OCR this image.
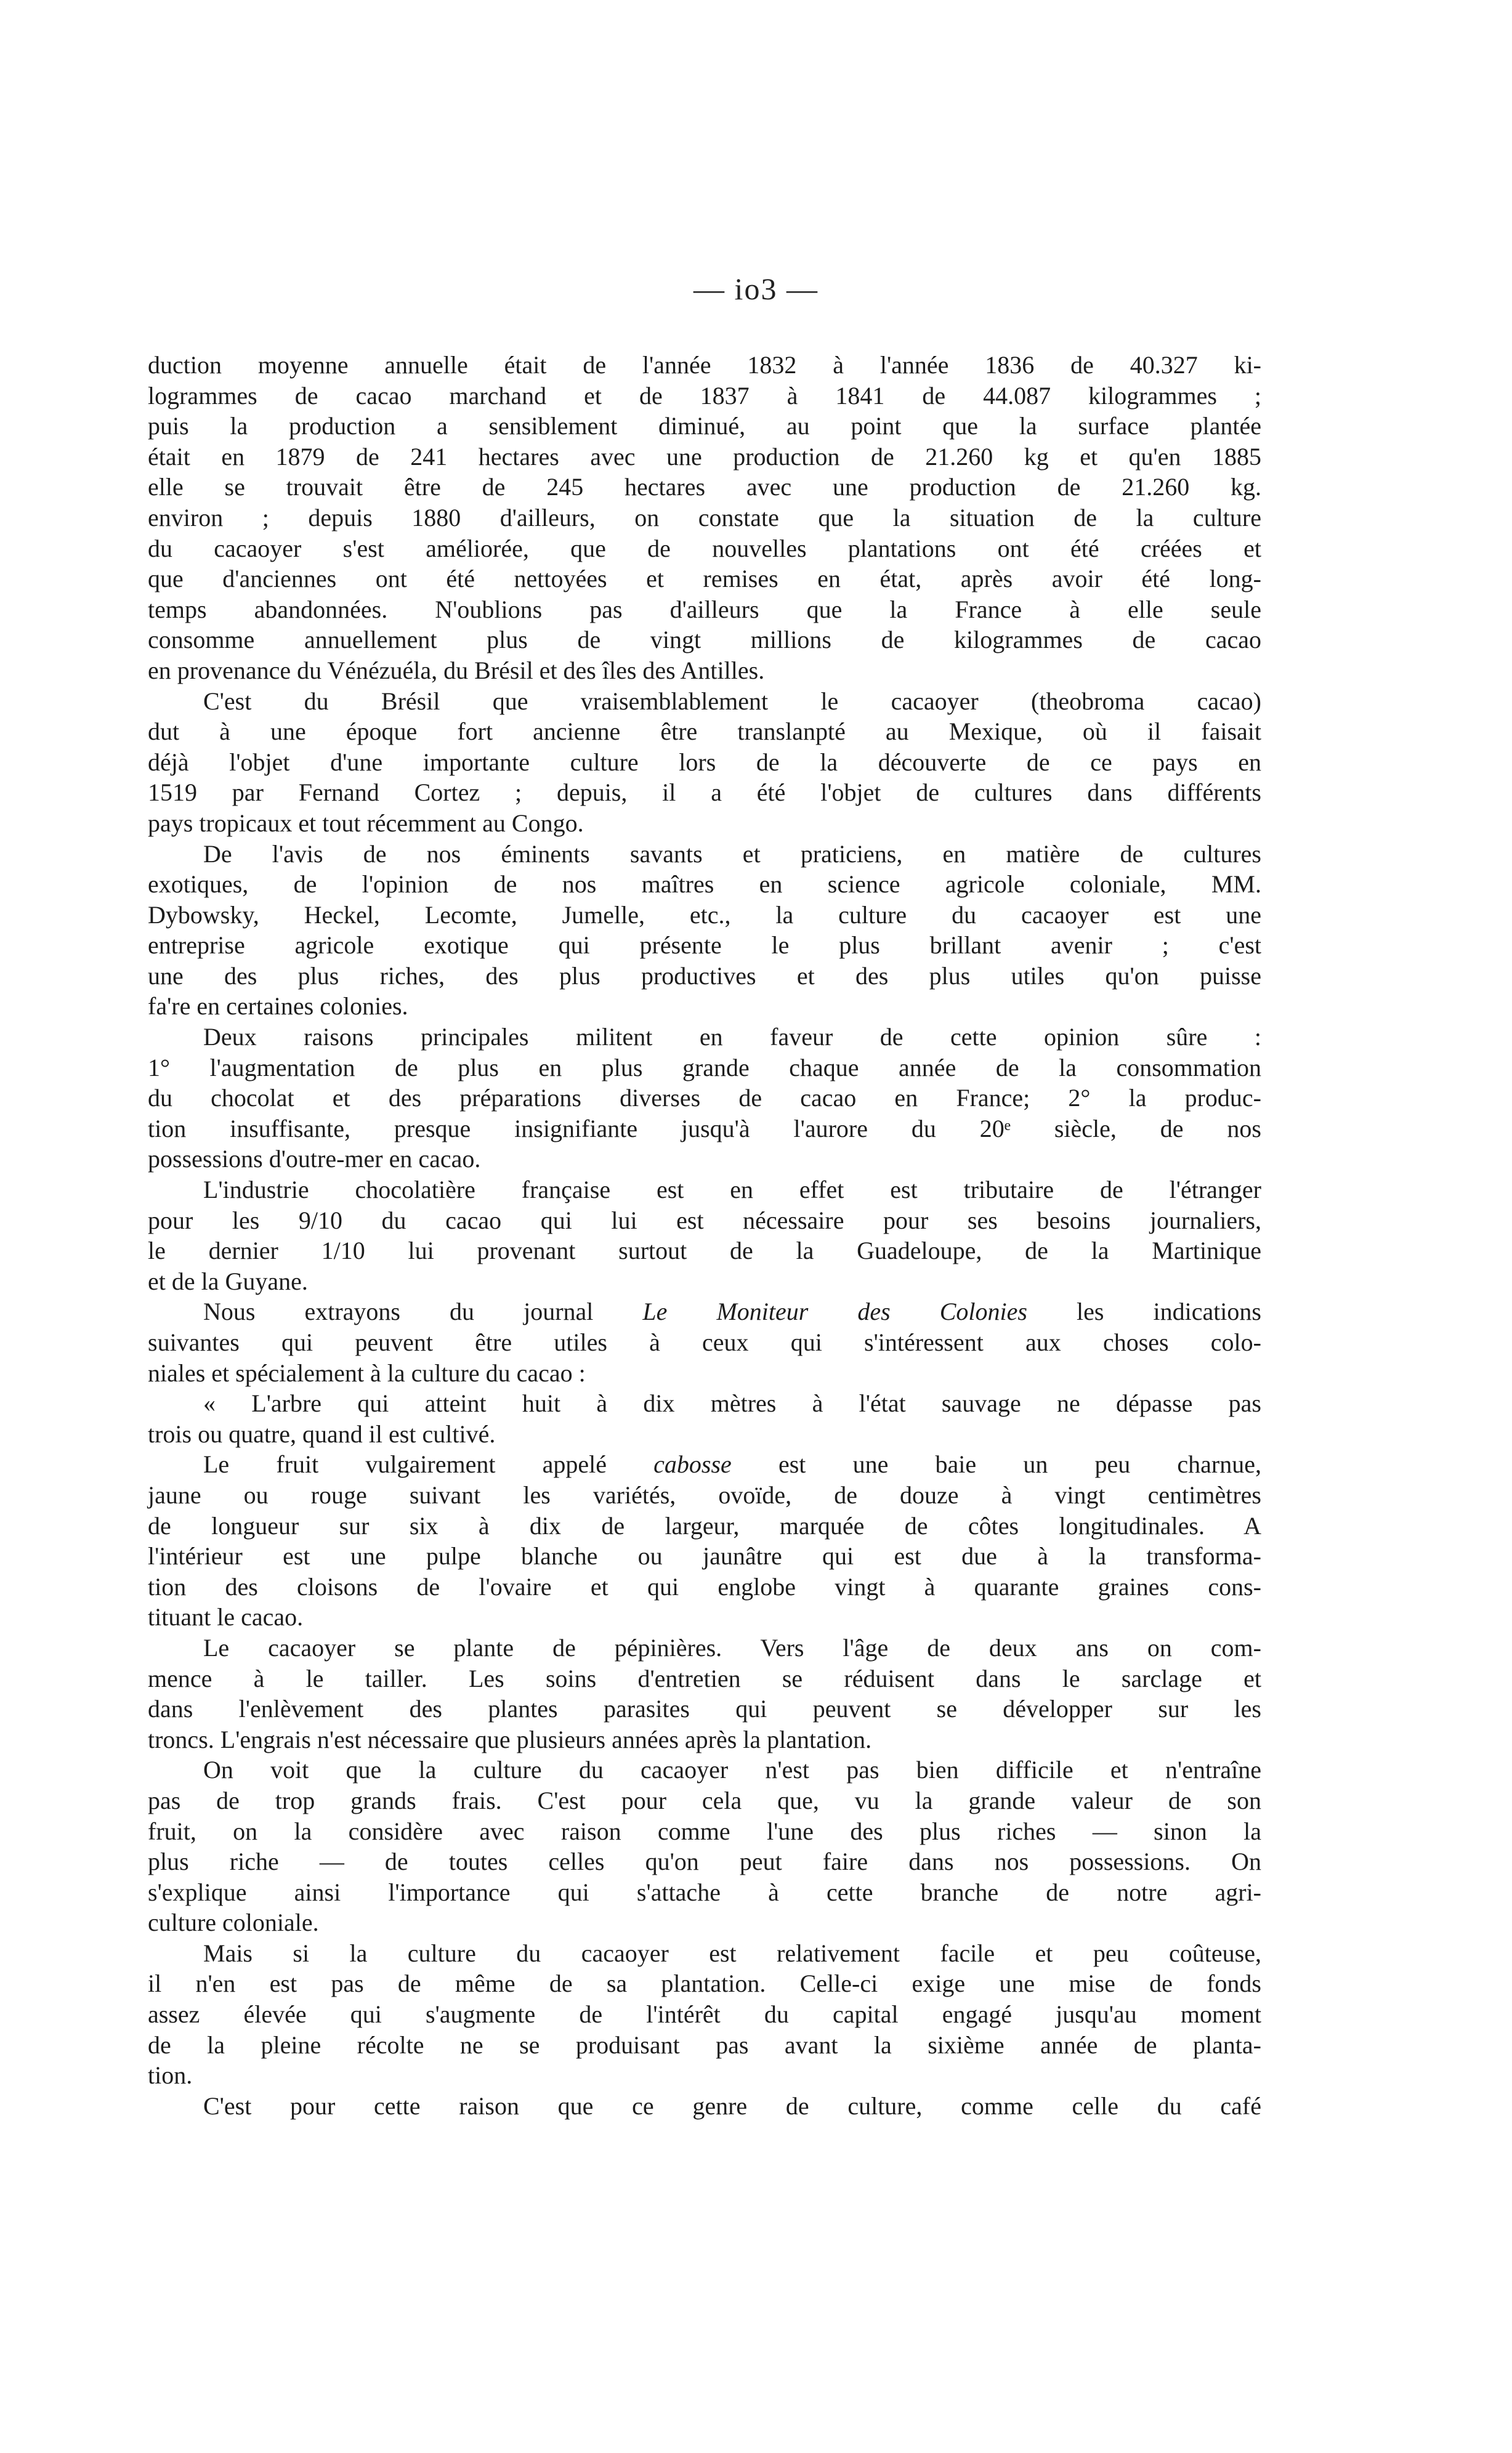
— io3 —
duction moyenne annuelle était de l'année 1832 à l'année 1836 de 40.327 ki-
logrammes de cacao marchand et de 1837 à 1841 de 44.087 kilogrammes ;
puis la production a sensiblement diminué, au point que la surface plantée
était en 1879 de 241 hectares avec une production de 21.260 kg et qu'en 1885
elle se trouvait être de 245 hectares avec une production de 21.260 kg.
environ ; depuis 1880 d'ailleurs, on constate que la situation de la culture
du cacaoyer s'est améliorée, que de nouvelles plantations ont été créées et
que d'anciennes ont été nettoyées et remises en état, après avoir été long-
temps abandonnées. N'oublions pas d'ailleurs que la France à elle seule
consomme annuellement plus de vingt millions de kilogrammes de cacao
en provenance du Vénézuéla, du Brésil et des îles des Antilles.
C'est du Brésil que vraisemblablement le cacaoyer (theobroma cacao)
dut à une époque fort ancienne être translanpté au Mexique, où il faisait
déjà l'objet d'une importante culture lors de la découverte de ce pays en
1519 par Fernand Cortez ; depuis, il a été l'objet de cultures dans différents
pays tropicaux et tout récemment au Congo.
De l'avis de nos éminents savants et praticiens, en matière de cultures
exotiques, de l'opinion de nos maîtres en science agricole coloniale, MM.
Dybowsky, Heckel, Lecomte, Jumelle, etc., la culture du cacaoyer est une
entreprise agricole exotique qui présente le plus brillant avenir ; c'est
une des plus riches, des plus productives et des plus utiles qu'on puisse
fa're en certaines colonies.
Deux raisons principales militent en faveur de cette opinion sûre :
1° l'augmentation de plus en plus grande chaque année de la consommation
du chocolat et des préparations diverses de cacao en France; 2° la produc-
tion insuffisante, presque insignifiante jusqu'à l'aurore du 20ᵉ siècle, de nos
possessions d'outre-mer en cacao.
L'industrie chocolatière française est en effet est tributaire de l'étranger
pour les 9/10 du cacao qui lui est nécessaire pour ses besoins journaliers,
le dernier 1/10 lui provenant surtout de la Guadeloupe, de la Martinique
et de la Guyane.
Nous extrayons du journal Le Moniteur des Colonies les indications
suivantes qui peuvent être utiles à ceux qui s'intéressent aux choses colo-
niales et spécialement à la culture du cacao :
« L'arbre qui atteint huit à dix mètres à l'état sauvage ne dépasse pas
trois ou quatre, quand il est cultivé.
Le fruit vulgairement appelé cabosse est une baie un peu charnue,
jaune ou rouge suivant les variétés, ovoïde, de douze à vingt centimètres
de longueur sur six à dix de largeur, marquée de côtes longitudinales. A
l'intérieur est une pulpe blanche ou jaunâtre qui est due à la transforma-
tion des cloisons de l'ovaire et qui englobe vingt à quarante graines cons-
tituant le cacao.
Le cacaoyer se plante de pépinières. Vers l'âge de deux ans on com-
mence à le tailler. Les soins d'entretien se réduisent dans le sarclage et
dans l'enlèvement des plantes parasites qui peuvent se développer sur les
troncs. L'engrais n'est nécessaire que plusieurs années après la plantation.
On voit que la culture du cacaoyer n'est pas bien difficile et n'entraîne
pas de trop grands frais. C'est pour cela que, vu la grande valeur de son
fruit, on la considère avec raison comme l'une des plus riches — sinon la
plus riche — de toutes celles qu'on peut faire dans nos possessions. On
s'explique ainsi l'importance qui s'attache à cette branche de notre agri-
culture coloniale.
Mais si la culture du cacaoyer est relativement facile et peu coûteuse,
il n'en est pas de même de sa plantation. Celle-ci exige une mise de fonds
assez élevée qui s'augmente de l'intérêt du capital engagé jusqu'au moment
de la pleine récolte ne se produisant pas avant la sixième année de planta-
tion.
C'est pour cette raison que ce genre de culture, comme celle du café
